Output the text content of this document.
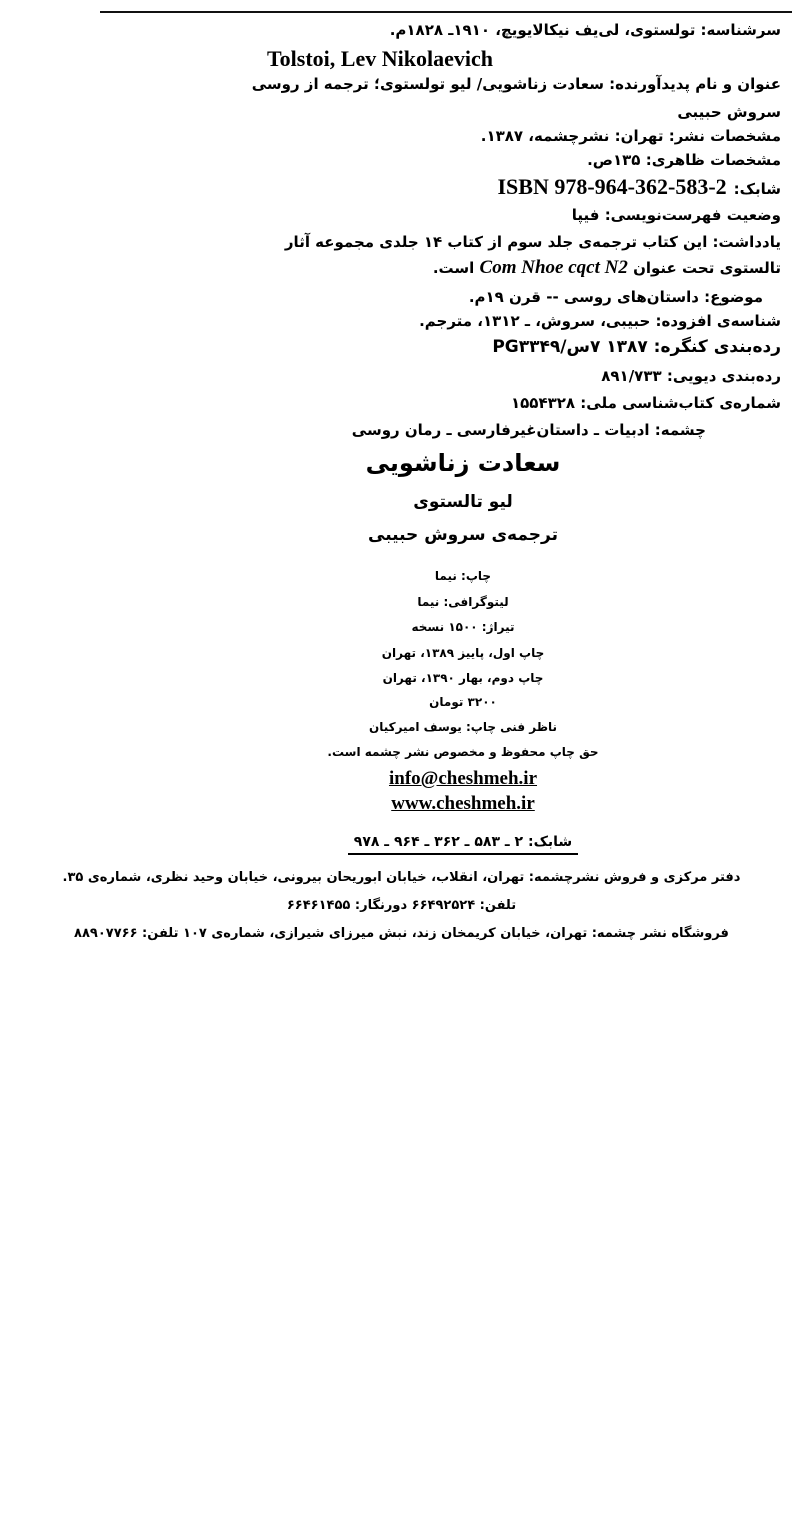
سرشناسه: تولستوی، لی‌یف نیکالایویچ، ۱۹۱۰ـ ۱۸۲۸م.
Tolstoi, Lev Nikolaevich
عنوان و نام پدیدآورنده: سعادت زناشویی/ لیو تولستوی؛ ترجمه از روسی
سروش حبیبی
مشخصات نشر: تهران: نشرچشمه، ۱۳۸۷.
مشخصات ظاهری: ۱۳۵ص.
شابک: ISBN 978-964-362-583-2
وضعیت فهرست‌نویسی: فیپا
یادداشت: این کتاب ترجمه‌ی جلد سوم از کتاب ۱۴ جلدی مجموعه آثار
تالستوی تحت عنوان Com Nhoe cqct N2 است.
موضوع: داستان‌های روسی -- قرن ۱۹م.
شناسه‌ی افزوده: حبیبی، سروش، ـ ۱۳۱۲، مترجم.
رده‌بندی کنگره: ۱۳۸۷ ۷س/PG۳۳۴۹
رده‌بندی دیویی: ۸۹۱/۷۳۳
شماره‌ی کتاب‌شناسی ملی: ۱۵۵۴۳۲۸
چشمه: ادبیات ـ داستان‌غیرفارسی ـ رمان روسی
سعادت زناشویی
لیو تالستوی
ترجمه‌ی سروش حبیبی
چاپ: نیما
لیتوگرافی: نیما
تیراژ: ۱۵۰۰ نسخه
چاپ اول، پاییز ۱۳۸۹، تهران
چاپ دوم، بهار ۱۳۹۰، تهران
۳۲۰۰ تومان
ناظر فنی چاپ: یوسف امیرکیان
حق چاپ محفوظ و مخصوص نشر چشمه است.
info@cheshmeh.ir
www.cheshmeh.ir
شابک: ۲ ـ ۵۸۳ ـ ۳۶۲ ـ ۹۶۴ ـ ۹۷۸
دفتر مرکزی و فروش نشرچشمه: تهران، انقلاب، خیابان ابوریحان بیرونی، خیابان وحید نظری، شماره‌ی ۳۵.
تلفن: ۶۶۴۹۲۵۲۴ دورنگار: ۶۶۴۶۱۴۵۵
فروشگاه نشر چشمه: تهران، خیابان کریمخان زند، نبش میرزای شیرازی، شماره‌ی ۱۰۷ تلفن: ۸۸۹۰۷۷۶۶
